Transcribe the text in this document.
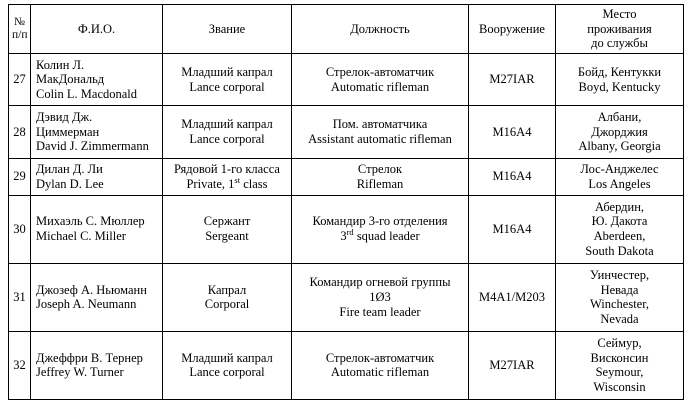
№
п/п	Ф.И.О.	Звание	Должность	Вооружение	Место
проживания
до службы

27	Колин Л.
МакДональд
Colin L. Macdonald	Младший капрал
Lance corporal	Стрелок-автоматчик
Automatic rifleman	M27IAR	Бойд, Кентукки
Boyd, Kentucky

28	Дэвид Дж.
Циммерман
David J. Zimmermann	Младший капрал
Lance corporal	Пом. автоматчика
Assistant automatic rifleman	M16A4	Албани,
Джорджия
Albany, Georgia

29	Дилан Д. Ли
Dylan D. Lee	Рядовой 1-го класса
Private, 1st class	Стрелок
Rifleman	M16A4	Лос-Анджелес
Los Angeles

30	Михаэль С. Мюллер
Michael C. Miller	Сержант
Sergeant	Командир 3-го отделения
3rd squad leader	M16A4	Абердин,
Ю. Дакота
Aberdeen,
South Dakota

31	Джозеф А. Ньюманн
Joseph A. Neumann	Капрал
Corporal	Командир огневой группы
1Ø3
Fire team leader	M4A1/M203	Уинчестер,
Невада
Winchester,
Nevada

32	Джеффри В. Тернер
Jeffrey W. Turner	Младший капрал
Lance corporal	Стрелок-автоматчик
Automatic rifleman	M27IAR	Сеймур,
Висконсин
Seymour,
Wisconsin
